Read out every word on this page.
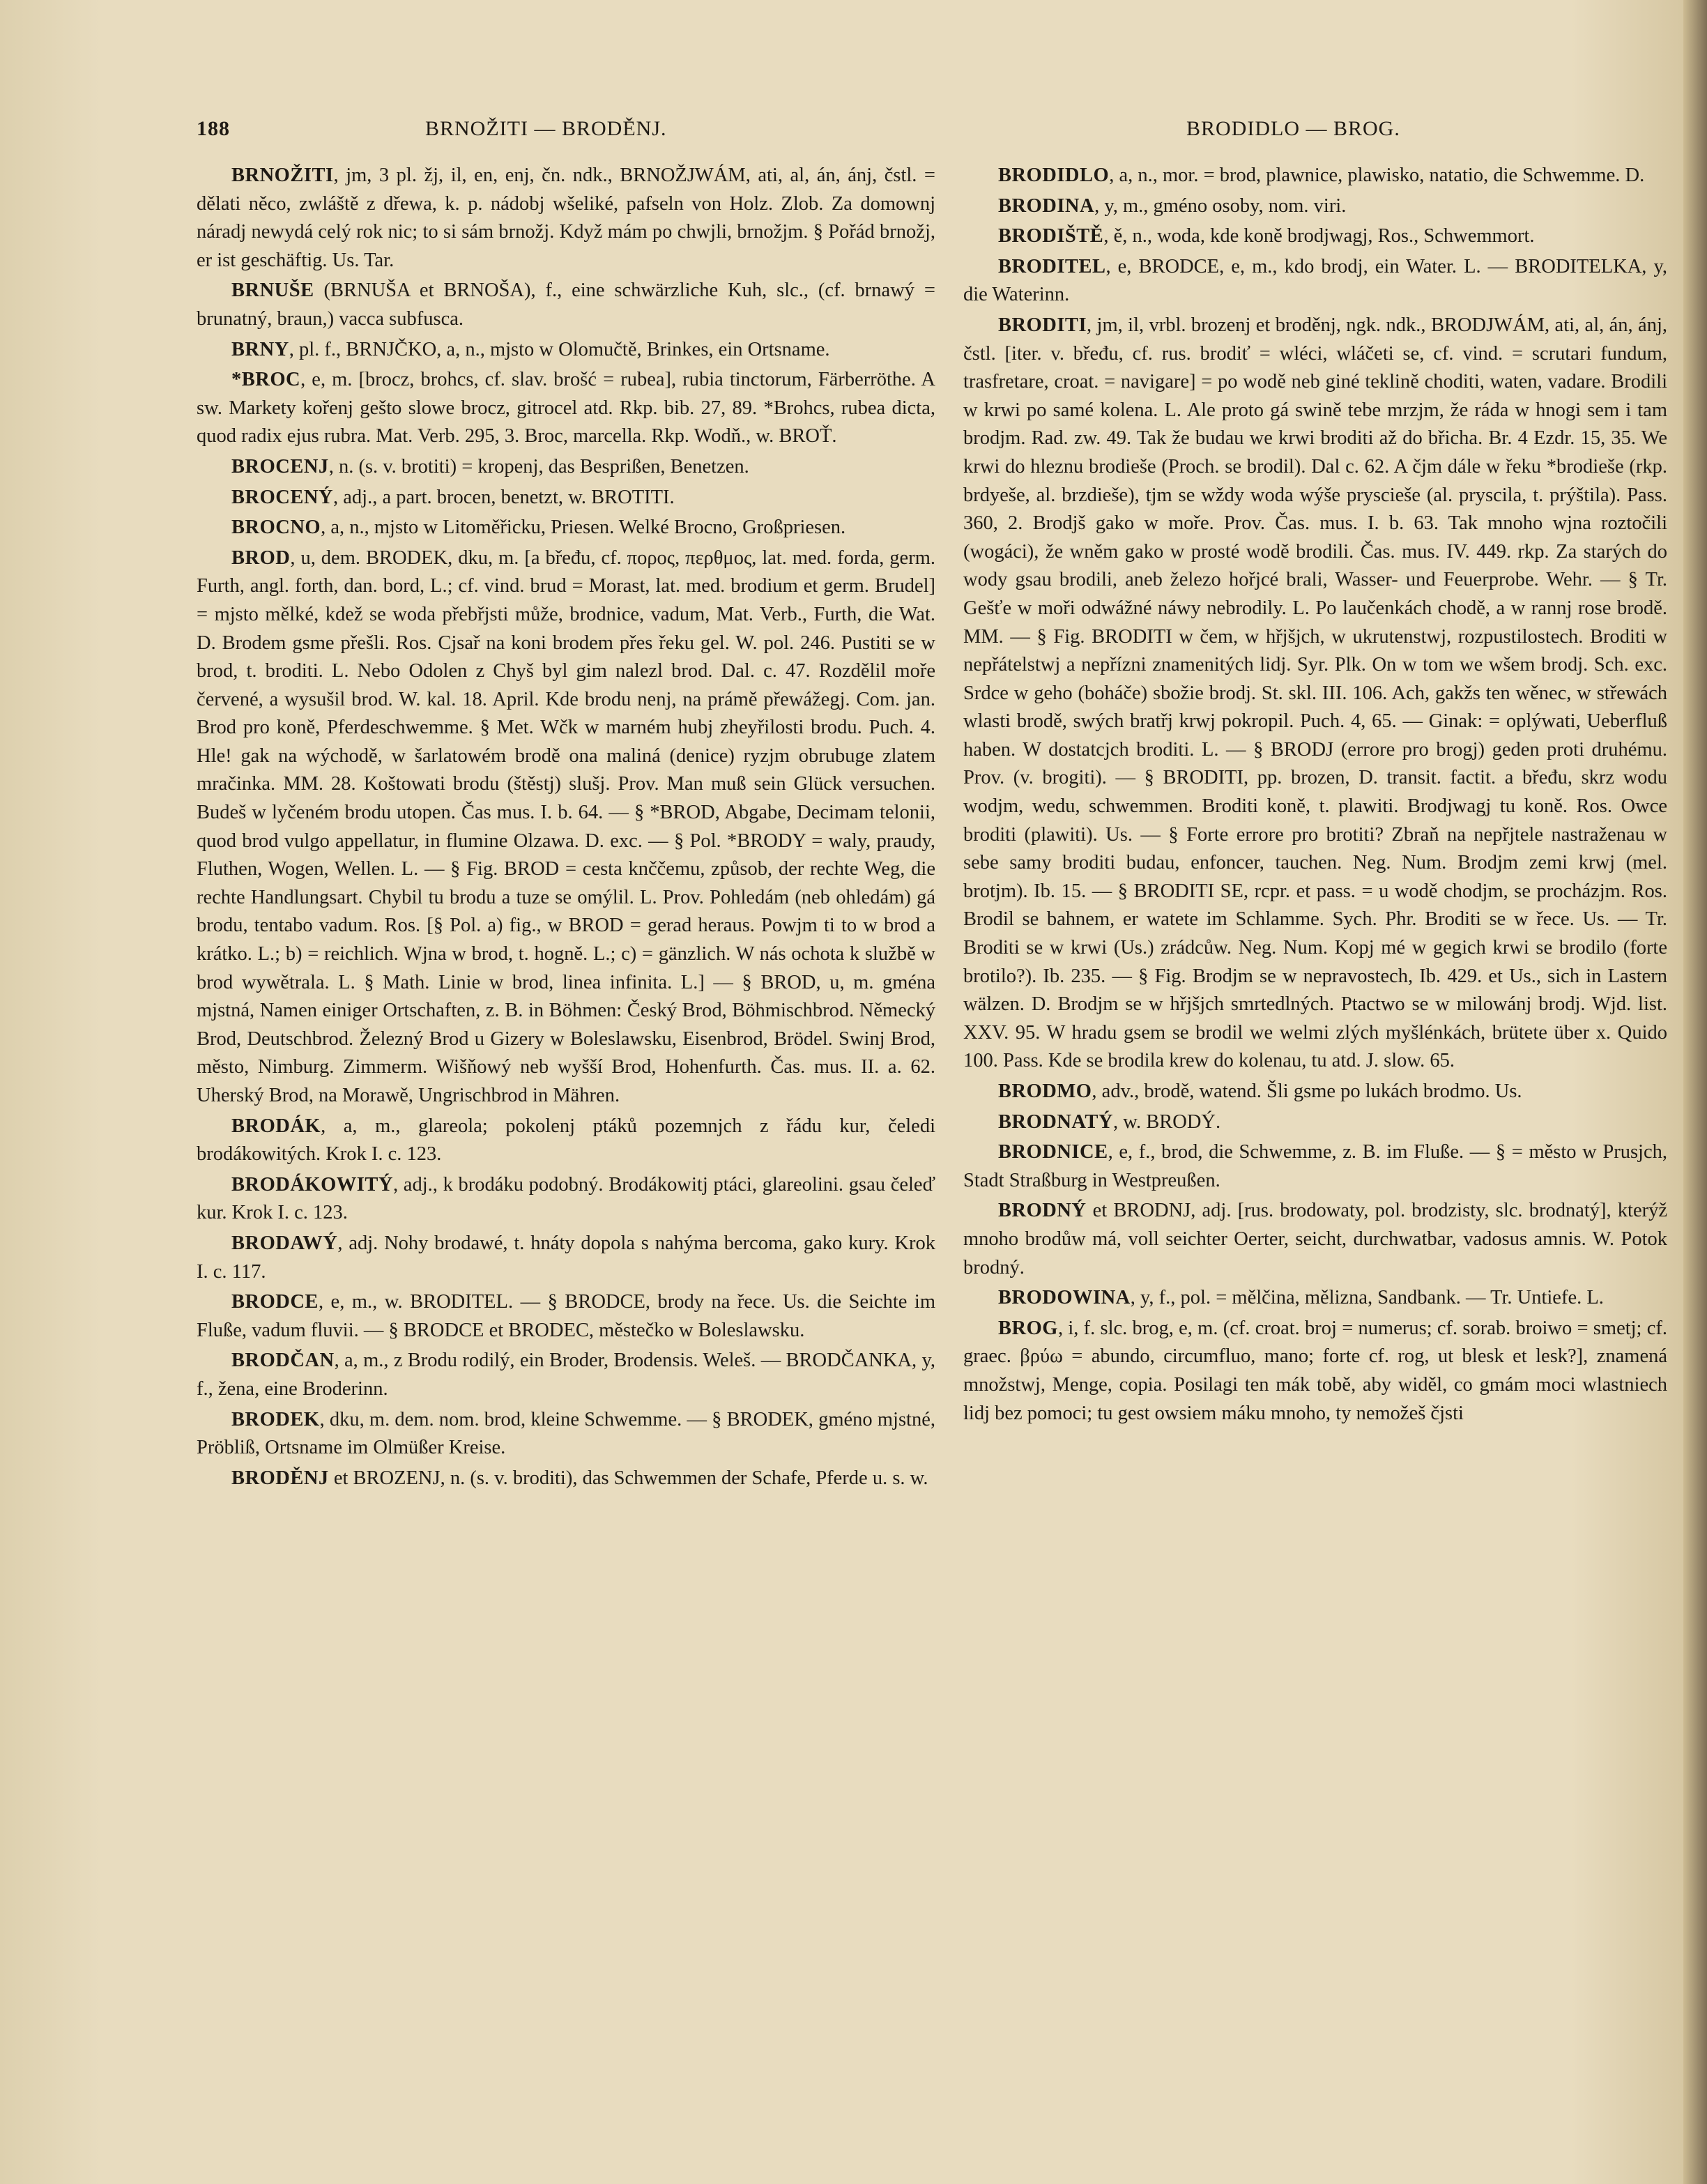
188	BRNOŽITI — BRODĚNJ.	BRODIDLO — BROG.

BRNOŽITI, jm, 3 pl. žj, il, en, enj, čn. ndk., BRNOŽJWÁM, ati, al, án, ánj, čstl. = dělati něco, zwláště z dřewa, k. p. nádobj wšeliké, pafseln von Holz. Zlob. Za domownj náradj newydá celý rok nic; to si sám brnožj. Když mám po chwjli, brnožjm. § Pořád brnožj, er ist geschäftig. Us. Tar.

BRNUŠE (BRNUŠA et BRNOŠA), f., eine schwärzliche Kuh, slc., (cf. brnawý = brunatný, braun,) vacca subfusca.

BRNY, pl. f., BRNJČKO, a, n., mjsto w Olomučtě, Brinkes, ein Ortsname.

*BROC, e, m. [brocz, brohcs, cf. slav. brošć = rubea], rubia tinctorum, Färberröthe. A sw. Markety kořenj gešto slowe brocz, gitrocel atd. Rkp. bib. 27, 89. *Brohcs, rubea dicta, quod radix ejus rubra. Mat. Verb. 295, 3. Broc, marcella. Rkp. Wodň., w. BROŤ.

BROCENJ, n. (s. v. brotiti) = kropenj, das Besprißen, Benetzen.

BROCENÝ, adj., a part. brocen, benetzt, w. BROTITI.

BROCNO, a, n., mjsto w Litoměřicku, Priesen. Welké Brocno, Großpriesen.

BROD, u, dem. BRODEK, dku, m. [a břeđu, cf. πορος, περθμος, lat. med. forda, germ. Furth, angl. forth, dan. bord, L.; cf. vind. brud = Morast, lat. med. brodium et germ. Brudel] = mjsto mělké, kdež se woda přebřjsti může, brodnice, vadum, Mat. Verb., Furth, die Wat. D. Brodem gsme přešli. Ros. Cjsař na koni brodem přes řeku gel. W. pol. 246. Pustiti se w brod, t. broditi. L. Nebo Odolen z Chyš byl gim nalezl brod. Dal. c. 47. Rozdělil moře červené, a wysušil brod. W. kal. 18. April. Kde brodu nenj, na prámě přewážegj. Com. jan. Brod pro koně, Pferdeschwemme. § Met. Wčk w marném hubj zheyřilosti brodu. Puch. 4. Hle! gak na wýchodě, w šarlatowém brodě ona maliná (denice) ryzjm obrubuge zlatem mračinka. MM. 28. Koštowati brodu (štěstj) slušj. Prov. Man muß sein Glück versuchen. Budeš w lyčeném brodu utopen. Čas mus. I. b. 64. — § *BROD, Abgabe, Decimam telonii, quod brod vulgo appellatur, in flumine Olzawa. D. exc. — § Pol. *BRODY = waly, praudy, Fluthen, Wogen, Wellen. L. — § Fig. BROD = cesta knččemu, způsob, der rechte Weg, die rechte Handlungsart. Chybil tu brodu a tuze se omýlil. L. Prov. Pohledám (neb ohledám) gá brodu, tentabo vadum. Ros. [§ Pol. a) fig., w BROD = gerad heraus. Powjm ti to w brod a krátko. L.; b) = reichlich. Wjna w brod, t. hogně. L.; c) = gänzlich. W nás ochota k službě w brod wywětrala. L. § Math. Linie w brod, linea infinita. L.] — § BROD, u, m. gména mjstná, Namen einiger Ortschaften, z. B. in Böhmen: Český Brod, Böhmischbrod. Německý Brod, Deutschbrod. Železný Brod u Gizery w Boleslawsku, Eisenbrod, Brödel. Swinj Brod, město, Nimburg. Zimmerm. Wišňowý neb wyšší Brod, Hohenfurth. Čas. mus. II. a. 62. Uherský Brod, na Morawě, Ungrischbrod in Mähren.

BRODÁK, a, m., glareola; pokolenj ptáků pozemnjch z řádu kur, čeledi brodákowitých. Krok I. c. 123.

BRODÁKOWITÝ, adj., k brodáku podobný. Brodákowitj ptáci, glareolini. gsau čeleď kur. Krok I. c. 123.

BRODAWÝ, adj. Nohy brodawé, t. hnáty dopola s nahýma bercoma, gako kury. Krok I. c. 117.

BRODCE, e, m., w. BRODITEL. — § BRODCE, brody na řece. Us. die Seichte im Fluße, vadum fluvii. — § BRODCE et BRODEC, městečko w Boleslawsku.

BRODČAN, a, m., z Brodu rodilý, ein Broder, Brodensis. Weleš. — BRODČANKA, y, f., žena, eine Broderinn.

BRODEK, dku, m. dem. nom. brod, kleine Schwemme. — § BRODEK, gméno mjstné, Pröbliß, Ortsname im Olmüßer Kreise.

BRODĚNJ et BROZENJ, n. (s. v. broditi), das Schwemmen der Schafe, Pferde u. s. w.

BRODIDLO, a, n., mor. = brod, plawnice, plawisko, natatio, die Schwemme. D.

BRODINA, y, m., gméno osoby, nom. viri.

BRODIŠTĚ, ě, n., woda, kde koně brodjwagj, Ros., Schwemmort.

BRODITEL, e, BRODCE, e, m., kdo brodj, ein Water. L. — BRODITELKA, y, die Waterinn.

BRODITI, jm, il, vrbl. brozenj et broděnj, ngk. ndk., BRODJWÁM, ati, al, án, ánj, čstl. [iter. v. břeđu, cf. rus. brodiť = wléci, wláčeti se, cf. vind. = scrutari fundum, trasfretare, croat. = navigare] = po wodě neb giné teklině choditi, waten, vadare. Brodili w krwi po samé kolena. L. Ale proto gá swině tebe mrzjm, že ráda w hnogi sem i tam brodjm. Rad. zw. 49. Tak že budau we krwi broditi až do břicha. Br. 4 Ezdr. 15, 35. We krwi do hleznu brodieše (Proch. se brodil). Dal c. 62. A čjm dále w řeku *brodieše (rkp. brdyeše, al. brzdieše), tjm se wždy woda wýše pryscieše (al. pryscila, t. prýštila). Pass. 360, 2. Brodjš gako w moře. Prov. Čas. mus. I. b. 63. Tak mnoho wjna roztočili (wogáci), že wněm gako w prosté wodě brodili. Čas. mus. IV. 449. rkp. Za starých do wody gsau brodili, aneb železo hořjcé brali, Wasser- und Feuerprobe. Wehr. — § Tr. Gešťe w moři odwážné náwy nebrodily. L. Po laučenkách chodě, a w rannj rose brodě. MM. — § Fig. BRODITI w čem, w hřjšjch, w ukrutenstwj, rozpustilostech. Broditi w nepřátelstwj a nepřízni znamenitých lidj. Syr. Plk. On w tom we wšem brodj. Sch. exc. Srdce w geho (boháče) sbožie brodj. St. skl. III. 106. Ach, gakžs ten wěnec, w střewách wlasti brodě, swých bratřj krwj pokropil. Puch. 4, 65. — Ginak: = oplýwati, Ueberfluß haben. W dostatcjch broditi. L. — § BRODJ (errore pro brogj) geden proti druhému. Prov. (v. brogiti). — § BRODITI, pp. brozen, D. transit. factit. a břeđu, skrz wodu wodjm, wedu, schwemmen. Broditi koně, t. plawiti. Brodjwagj tu koně. Ros. Owce broditi (plawiti). Us. — § Forte errore pro brotiti? Zbraň na nepřjtele nastraženau w sebe samy broditi budau, enfoncer, tauchen. Neg. Num. Brodjm zemi krwj (mel. brotjm). Ib. 15. — § BRODITI SE, rcpr. et pass. = u wodě chodjm, se procházjm. Ros. Brodil se bahnem, er watete im Schlamme. Sych. Phr. Broditi se w řece. Us. — Tr. Broditi se w krwi (Us.) zrádcůw. Neg. Num. Kopj mé w gegich krwi se brodilo (forte brotilo?). Ib. 235. — § Fig. Brodjm se w nepravostech, Ib. 429. et Us., sich in Lastern wälzen. D. Brodjm se w hřjšjch smrtedlných. Ptactwo se w milowánj brodj. Wjd. list. XXV. 95. W hradu gsem se brodil we welmi zlých myšlénkách, brütete über x. Quido 100. Pass. Kde se brodila krew do kolenau, tu atd. J. slow. 65.

BRODMO, adv., brodě, watend. Šli gsme po lukách brodmo. Us.

BRODNATÝ, w. BRODÝ.

BRODNICE, e, f., brod, die Schwemme, z. B. im Fluße. — § = město w Prusjch, Stadt Straßburg in Westpreußen.

BRODNÝ et BRODNJ, adj. [rus. brodowaty, pol. brodzisty, slc. brodnatý], kterýž mnoho brodůw má, voll seichter Oerter, seicht, durchwatbar, vadosus amnis. W. Potok brodný.

BRODOWINA, y, f., pol. = mělčina, mělizna, Sandbank. — Tr. Untiefe. L.

BROG, i, f. slc. brog, e, m. (cf. croat. broj = numerus; cf. sorab. broiwo = smetj; cf. graec. βρύω = abundo, circumfluo, mano; forte cf. rog, ut blesk et lesk?], znamená množstwj, Menge, copia. Posilagi ten mák tobě, aby widěl, co gmám moci wlastniech lidj bez pomoci; tu gest owsiem máku mnoho, ty nemožeš čjsti
